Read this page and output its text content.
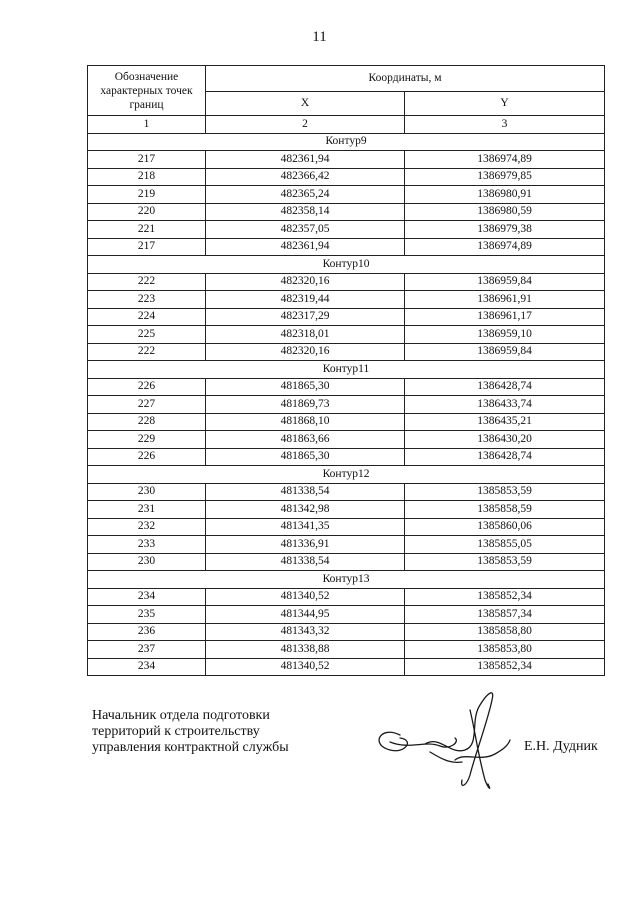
11
Обозначение характерных точек границ	Координаты, м	
	X	Y
1	2	3
Контур9		
217	482361,94	1386974,89
218	482366,42	1386979,85
219	482365,24	1386980,91
220	482358,14	1386980,59
221	482357,05	1386979,38
217	482361,94	1386974,89
Контур10		
222	482320,16	1386959,84
223	482319,44	1386961,91
224	482317,29	1386961,17
225	482318,01	1386959,10
222	482320,16	1386959,84
Контур11		
226	481865,30	1386428,74
227	481869,73	1386433,74
228	481868,10	1386435,21
229	481863,66	1386430,20
226	481865,30	1386428,74
Контур12		
230	481338,54	1385853,59
231	481342,98	1385858,59
232	481341,35	1385860,06
233	481336,91	1385855,05
230	481338,54	1385853,59
Контур13		
234	481340,52	1385852,34
235	481344,95	1385857,34
236	481343,32	1385858,80
237	481338,88	1385853,80
234	481340,52	1385852,34
Начальник отдела подготовки
территорий к строительству
управления контрактной службы	Е.Н. Дудник
